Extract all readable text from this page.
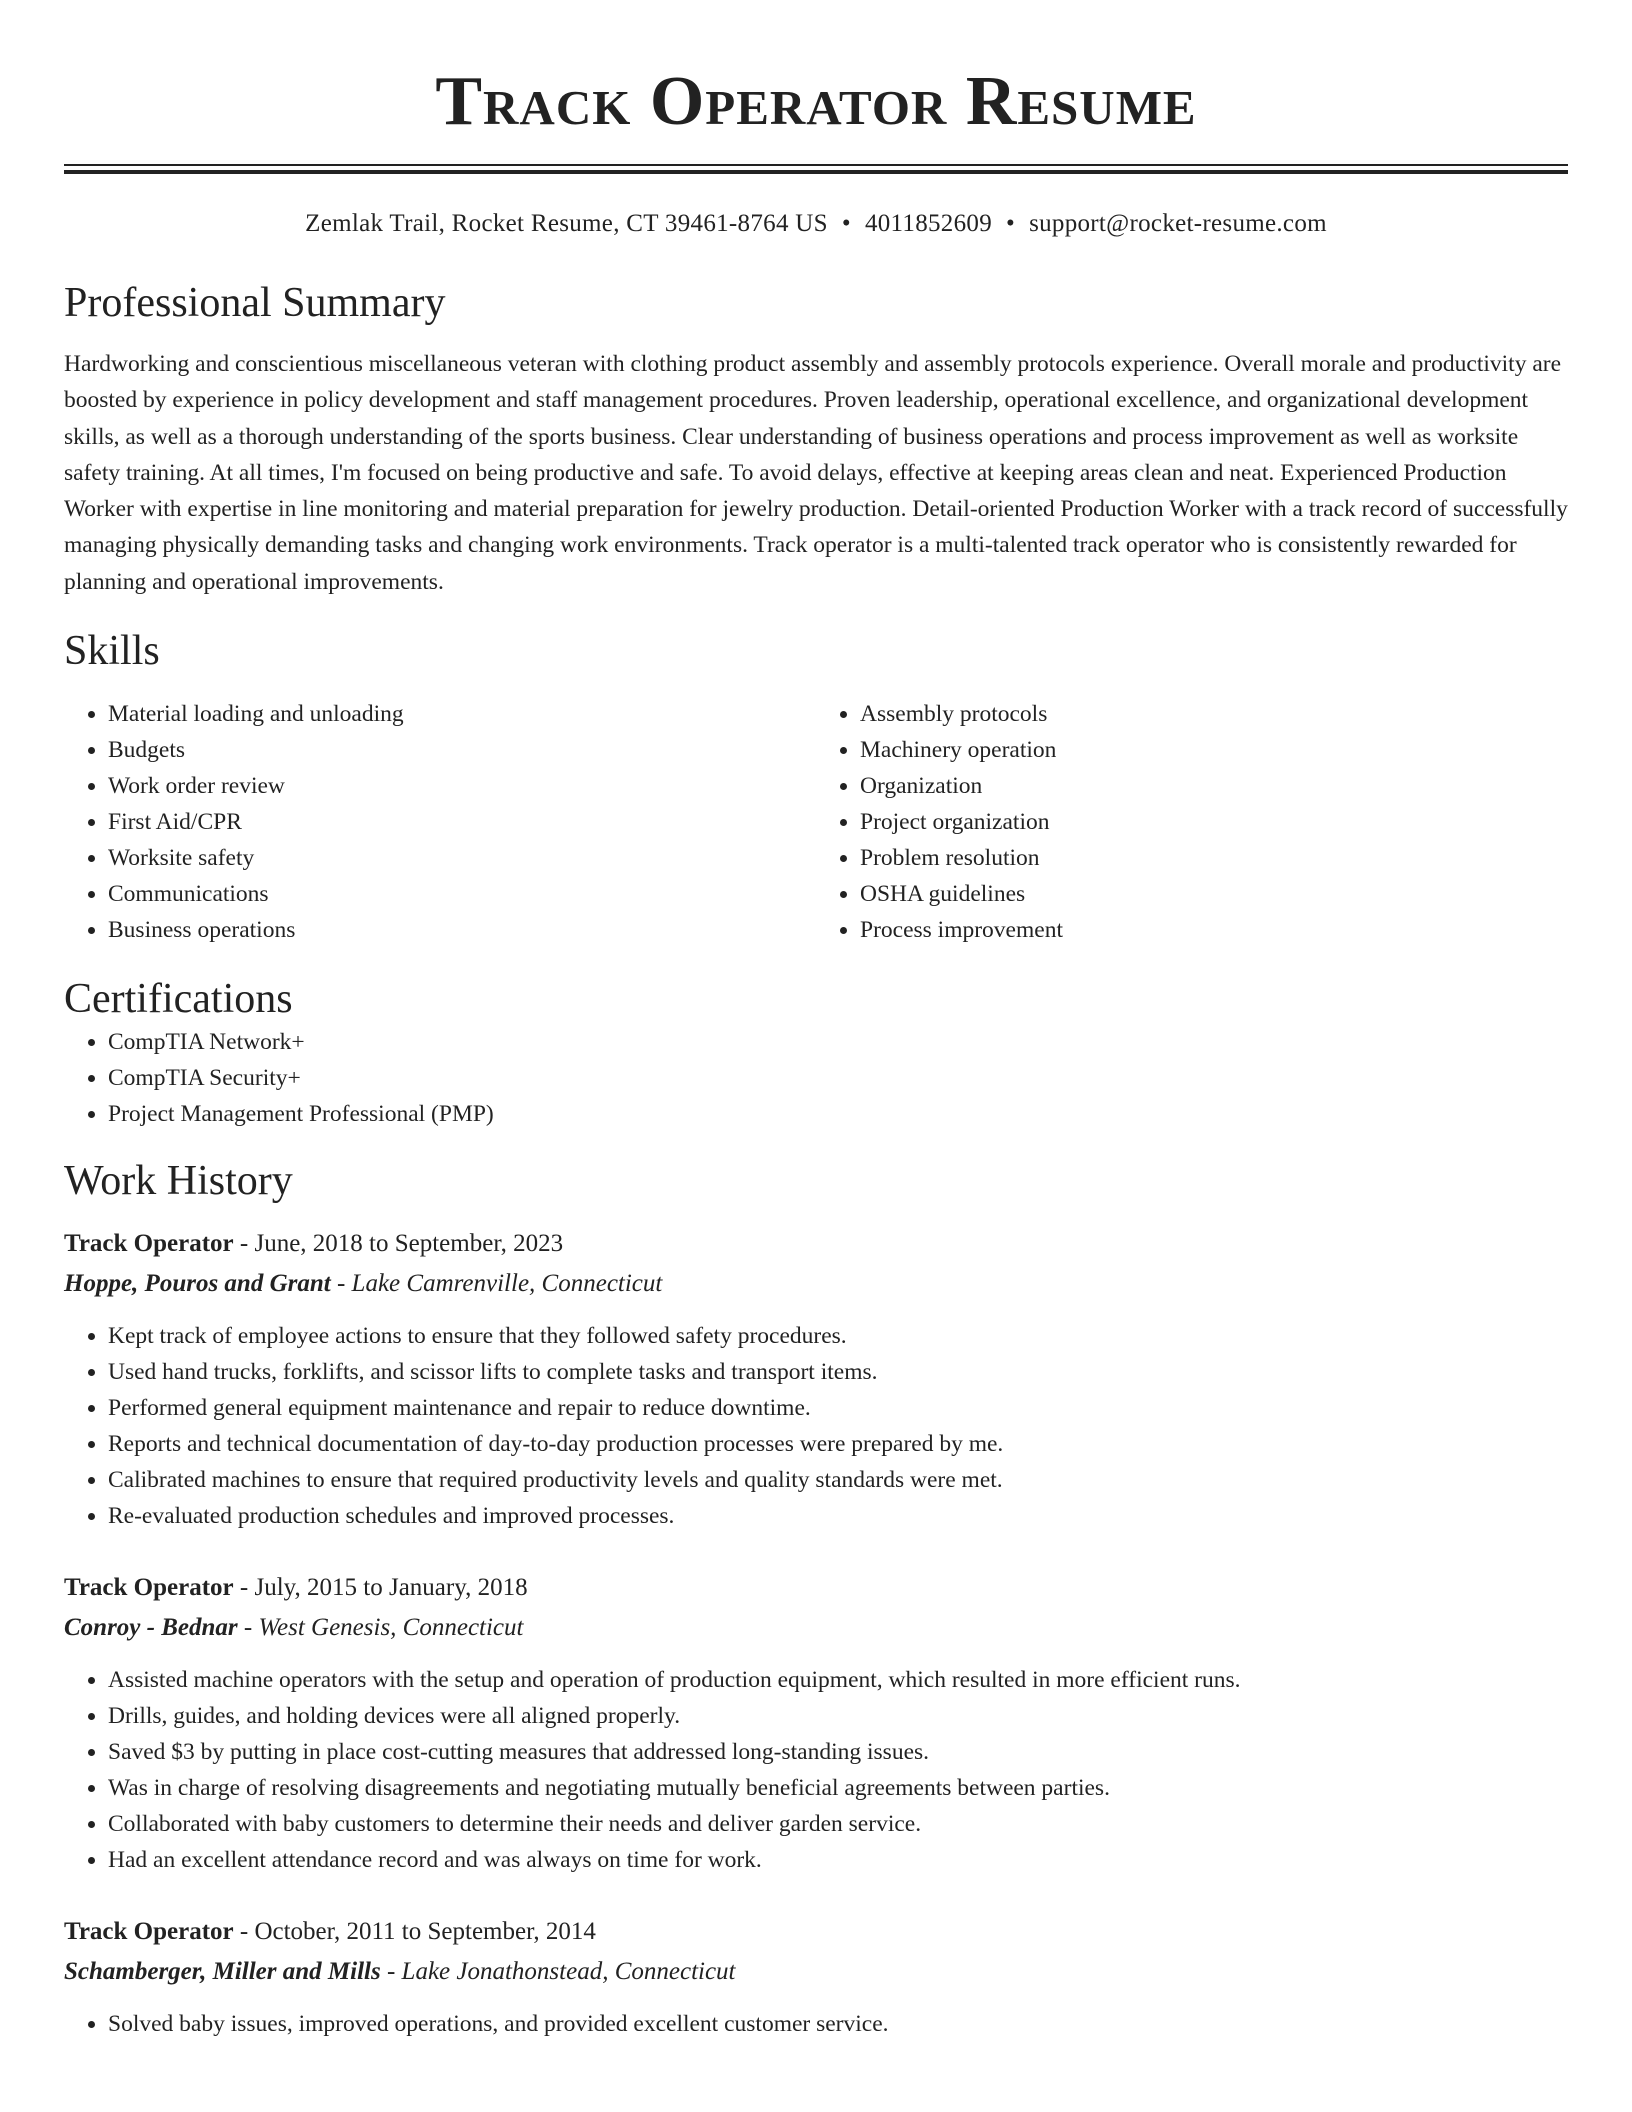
Track Operator Resume
Zemlak Trail, Rocket Resume, CT 39461-8764 US • 4011852609 • support@rocket-resume.com
Professional Summary
Hardworking and conscientious miscellaneous veteran with clothing product assembly and assembly protocols experience. Overall morale and productivity are boosted by experience in policy development and staff management procedures. Proven leadership, operational excellence, and organizational development skills, as well as a thorough understanding of the sports business. Clear understanding of business operations and process improvement as well as worksite safety training. At all times, I'm focused on being productive and safe. To avoid delays, effective at keeping areas clean and neat. Experienced Production Worker with expertise in line monitoring and material preparation for jewelry production. Detail-oriented Production Worker with a track record of successfully managing physically demanding tasks and changing work environments. Track operator is a multi-talented track operator who is consistently rewarded for planning and operational improvements.
Skills
• Material loading and unloading
• Budgets
• Work order review
• First Aid/CPR
• Worksite safety
• Communications
• Business operations
• Assembly protocols
• Machinery operation
• Organization
• Project organization
• Problem resolution
• OSHA guidelines
• Process improvement
Certifications
• CompTIA Network+
• CompTIA Security+
• Project Management Professional (PMP)
Work History
Track Operator - June, 2018 to September, 2023
Hoppe, Pouros and Grant - Lake Camrenville, Connecticut
• Kept track of employee actions to ensure that they followed safety procedures.
• Used hand trucks, forklifts, and scissor lifts to complete tasks and transport items.
• Performed general equipment maintenance and repair to reduce downtime.
• Reports and technical documentation of day-to-day production processes were prepared by me.
• Calibrated machines to ensure that required productivity levels and quality standards were met.
• Re-evaluated production schedules and improved processes.
Track Operator - July, 2015 to January, 2018
Conroy - Bednar - West Genesis, Connecticut
• Assisted machine operators with the setup and operation of production equipment, which resulted in more efficient runs.
• Drills, guides, and holding devices were all aligned properly.
• Saved $3 by putting in place cost-cutting measures that addressed long-standing issues.
• Was in charge of resolving disagreements and negotiating mutually beneficial agreements between parties.
• Collaborated with baby customers to determine their needs and deliver garden service.
• Had an excellent attendance record and was always on time for work.
Track Operator - October, 2011 to September, 2014
Schamberger, Miller and Mills - Lake Jonathonstead, Connecticut
• Solved baby issues, improved operations, and provided excellent customer service.
